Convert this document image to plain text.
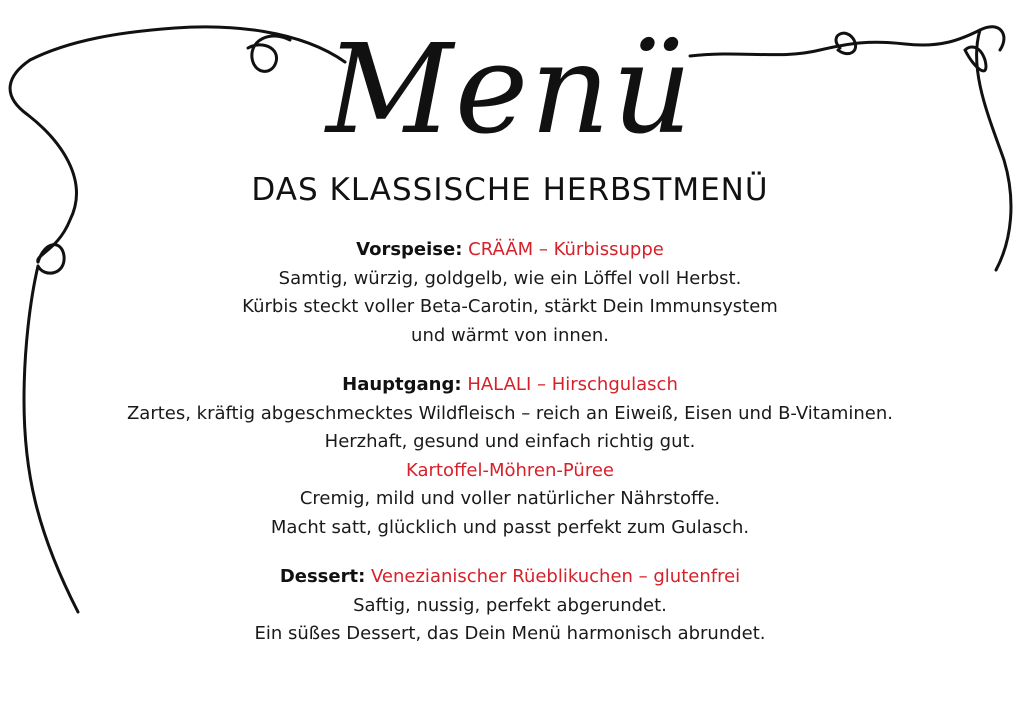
Menü
DAS KLASSISCHE HERBSTMENÜ
Vorspeise: CRÄÄM – Kürbissuppe
Samtig, würzig, goldgelb, wie ein Löffel voll Herbst.
Kürbis steckt voller Beta-Carotin, stärkt Dein Immunsystem
und wärmt von innen.
Hauptgang: HALALI – Hirschgulasch
Zartes, kräftig abgeschmecktes Wildfleisch – reich an Eiweiß, Eisen und B-Vitaminen.
Herzhaft, gesund und einfach richtig gut.
Kartoffel-Möhren-Püree
Cremig, mild und voller natürlicher Nährstoffe.
Macht satt, glücklich und passt perfekt zum Gulasch.
Dessert: Venezianischer Rüeblikuchen – glutenfrei
Saftig, nussig, perfekt abgerundet.
Ein süßes Dessert, das Dein Menü harmonisch abrundet.
